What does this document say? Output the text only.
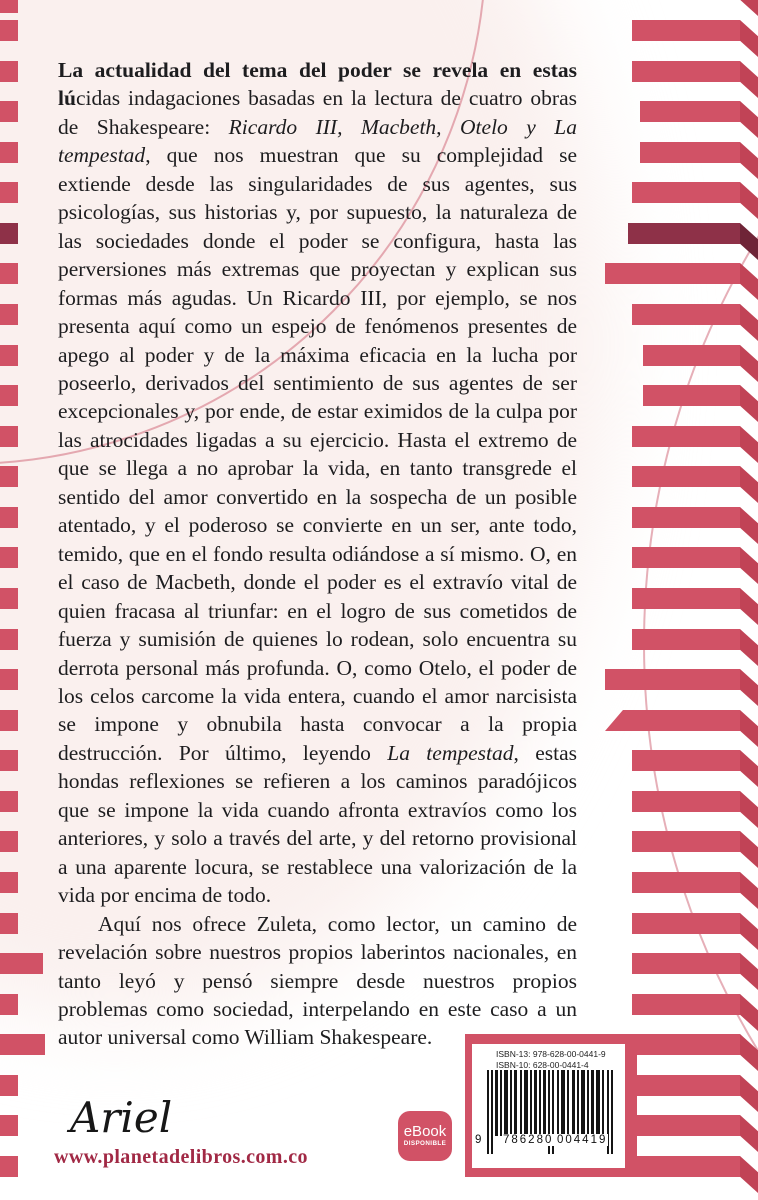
La actualidad del tema del poder se revela en estas lúcidas indagaciones basadas en la lectura de cuatro obras de Shakespeare: Ricardo III, Macbeth, Otelo y La tempestad, que nos muestran que su complejidad se extiende desde las singularidades de sus agentes, sus psicologías, sus historias y, por supuesto, la naturaleza de las sociedades donde el poder se configura, hasta las perversiones más extremas que proyectan y explican sus formas más agudas. Un Ricardo III, por ejemplo, se nos presenta aquí como un espejo de fenómenos presentes de apego al poder y de la máxima eficacia en la lucha por poseerlo, derivados del sentimiento de sus agentes de ser excepcionales y, por ende, de estar eximidos de la culpa por las atrocidades ligadas a su ejercicio. Hasta el extremo de que se llega a no aprobar la vida, en tanto transgrede el sentido del amor convertido en la sospecha de un posible atentado, y el poderoso se convierte en un ser, ante todo, temido, que en el fondo resulta odiándose a sí mismo. O, en el caso de Macbeth, donde el poder es el extravío vital de quien fracasa al triunfar: en el logro de sus cometidos de fuerza y sumisión de quienes lo rodean, solo encuentra su derrota personal más profunda. O, como Otelo, el poder de los celos carcome la vida entera, cuando el amor narcisista se impone y obnubila hasta convocar a la propia destrucción. Por último, leyendo La tempestad, estas hondas reflexiones se refieren a los caminos paradójicos que se impone la vida cuando afronta extravíos como los anteriores, y solo a través del arte, y del retorno provisional a una aparente locura, se restablece una valorización de la vida por encima de todo.

Aquí nos ofrece Zuleta, como lector, un camino de revelación sobre nuestros propios laberintos nacionales, en tanto leyó y pensó siempre desde nuestros propios problemas como sociedad, interpelando en este caso a un autor universal como William Shakespeare.

Ariel
www.planetadelibros.com.co
eBook
DISPONIBLE
ISBN-13: 978-628-00-0441-9
ISBN-10: 628-00-0441-4
9 786280 004419
